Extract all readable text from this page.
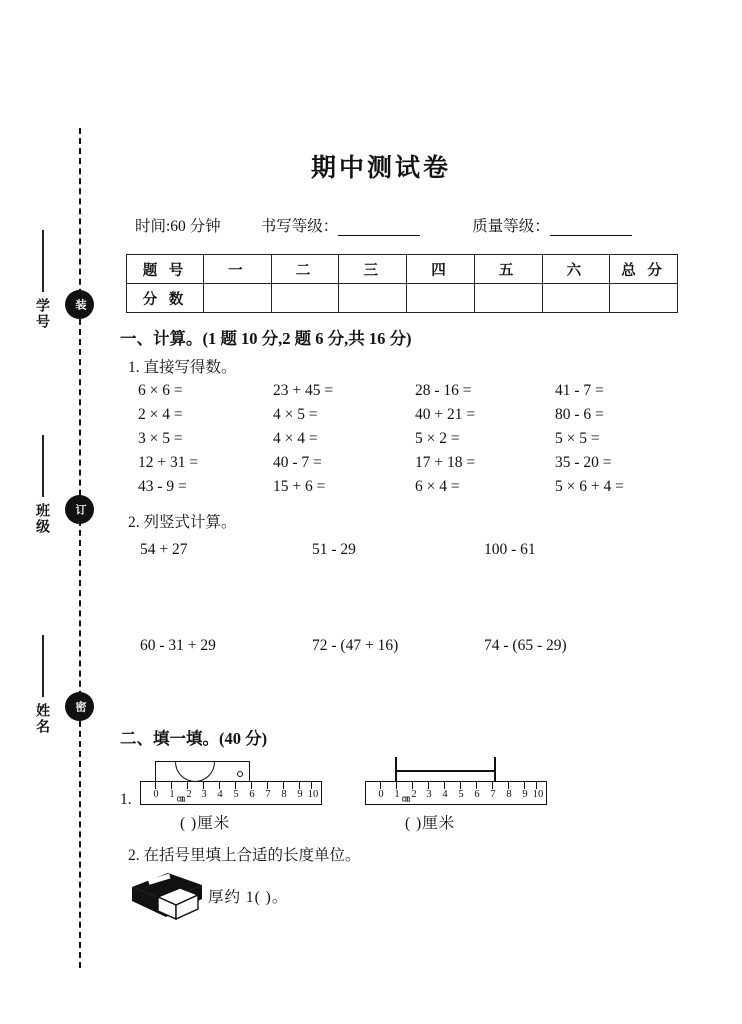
装
订
密
学号
班级
姓名
期中测试卷
时间:60 分钟	书写等级：	质量等级：
题 号	一	二	三	四	五	六	总 分
分 数							
一、计算。(1 题 10 分,2 题 6 分,共 16 分)
1. 直接写得数。
6 × 6 =	23 + 45 =	28 - 16 =	41 - 7 =
2 × 4 =	4 × 5 =	40 + 21 =	80 - 6 =
3 × 5 =	4 × 4 =	5 × 2 =	5 × 5 =
12 + 31 =	40 - 7 =	17 + 18 =	35 - 20 =
43 - 9 =	15 + 6 =	6 × 4 =	5 × 6 + 4 =
2. 列竖式计算。
54 + 27	51 - 29	100 - 61
60 - 31 + 29	72 - (47 + 16)	74 - (65 - 29)
二、填一填。(40 分)
1.	0 1 ㎝ 2 3 4 5 6 7 8 9 10
( )厘米
0 1 ㎝ 2 3 4 5 6 7 8 9 10
( )厘米
2. 在括号里填上合适的长度单位。
厚约 1( )。
